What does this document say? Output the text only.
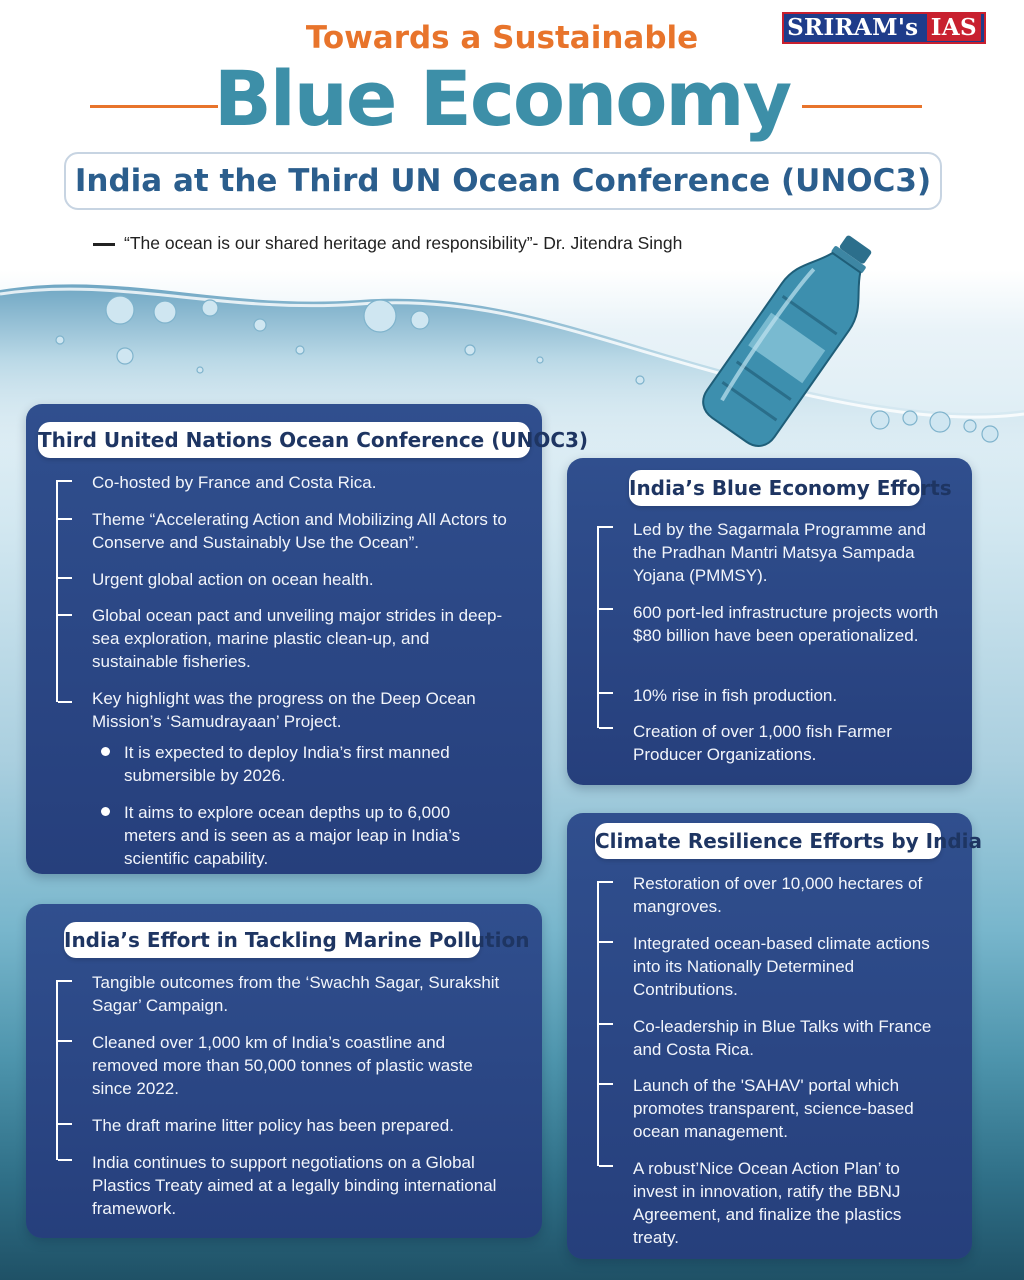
SRIRAM's IAS
Towards a Sustainable
Blue Economy
India at the Third UN Ocean Conference (UNOC3)
“The ocean is our shared heritage and responsibility”- Dr. Jitendra Singh
Third United Nations Ocean Conference (UNOC3)
Co-hosted by France and Costa Rica.
Theme “Accelerating Action and Mobilizing All Actors to Conserve and Sustainably Use the Ocean”.
Urgent global action on ocean health.
Global ocean pact and unveiling major strides in deep-sea exploration, marine plastic clean-up, and sustainable fisheries.
Key highlight was the progress on the Deep Ocean Mission’s ‘Samudrayaan’ Project.
It is expected to deploy India’s first manned submersible by 2026.
It aims to explore ocean depths up to 6,000 meters and is seen as a major leap in India’s scientific capability.
India’s Blue Economy Efforts
Led by the Sagarmala Programme and the Pradhan Mantri Matsya Sampada Yojana (PMMSY).
600 port-led infrastructure projects worth $80 billion have been operationalized.
10% rise in fish production.
Creation of over 1,000 fish Farmer Producer Organizations.
India’s Effort in Tackling Marine Pollution
Tangible outcomes from the ‘Swachh Sagar, Surakshit Sagar’ Campaign.
Cleaned over 1,000 km of India’s coastline and removed more than 50,000 tonnes of plastic waste since 2022.
The draft marine litter policy has been prepared.
India continues to support negotiations on a Global Plastics Treaty aimed at a legally binding international framework.
Climate Resilience Efforts by India
Restoration of over 10,000 hectares of mangroves.
Integrated ocean-based climate actions into its Nationally Determined Contributions.
Co-leadership in Blue Talks with France and Costa Rica.
Launch of the 'SAHAV' portal which promotes transparent, science-based ocean management.
A robust’Nice Ocean Action Plan’ to invest in innovation, ratify the BBNJ Agreement, and finalize the plastics treaty.
